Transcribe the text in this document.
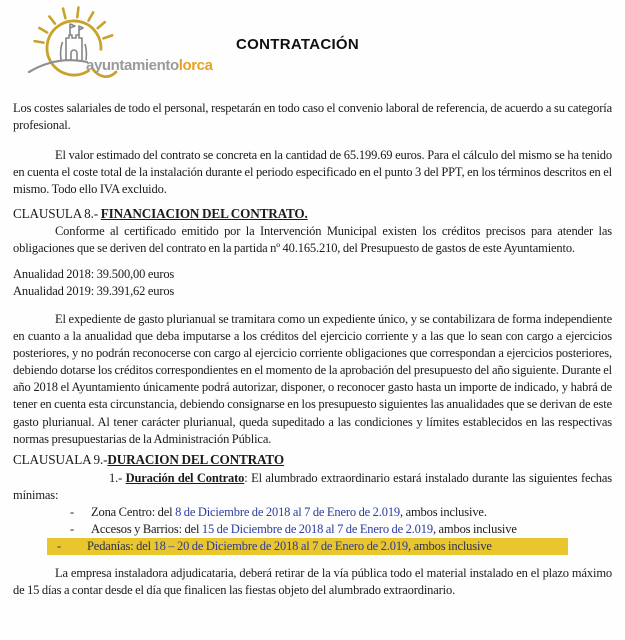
ayuntamientolorca
CONTRATACIÓN

Los costes salariales de todo el personal, respetarán en todo caso el convenio laboral de referencia, de acuerdo a su categoría profesional.

El valor estimado del contrato se concreta en la cantidad de 65.199.69 euros. Para el cálculo del mismo se ha tenido en cuenta el coste total de la instalación durante el periodo especificado en el punto 3 del PPT, en los términos descritos en el mismo. Todo ello IVA excluido.

CLAUSULA 8.- FINANCIACION DEL CONTRATO.

Conforme al certificado emitido por la Intervención Municipal existen los créditos precisos para atender las obligaciones que se deriven del contrato en la partida nº 40.165.210, del Presupuesto de gastos de este Ayuntamiento.

Anualidad 2018: 39.500,00 euros

Anualidad 2019: 39.391,62 euros

El expediente de gasto plurianual se tramitara como un expediente único, y se contabilizara de forma independiente en cuanto a la anualidad que deba imputarse a los créditos del ejercicio corriente y a las que lo sean con cargo a ejercicios posteriores, y no podrán reconocerse con cargo al ejercicio corriente obligaciones que correspondan a ejercicios posteriores, debiendo dotarse los créditos correspondientes en el momento de la aprobación del presupuesto del año siguiente. Durante el año 2018 el Ayuntamiento únicamente podrá autorizar, disponer, o reconocer gasto hasta un importe de indicado, y habrá de tener en cuenta esta circunstancia, debiendo consignarse en los presupuesto siguientes las anualidades que se derivan de este gasto plurianual. Al tener carácter plurianual, queda supeditado a las condiciones y límites establecidos en las respectivas normas presupuestarias de la Administración Pública.

CLAUSUALA 9.-DURACION DEL CONTRATO

1.- Duración del Contrato: El alumbrado extraordinario estará instalado durante las siguientes fechas mínimas:

- Zona Centro: del 8 de Diciembre de 2018 al 7 de Enero de 2.019, ambos inclusive.

- Accesos y Barrios: del 15 de Diciembre de 2018 al 7 de Enero de 2.019, ambos inclusive

- Pedanías: del 18 – 20 de Diciembre de 2018 al 7 de Enero de 2.019, ambos inclusive

La empresa instaladora adjudicataria, deberá retirar de la vía pública todo el material instalado en el plazo máximo de 15 días a contar desde el día que finalicen las fiestas objeto del alumbrado extraordinario.
